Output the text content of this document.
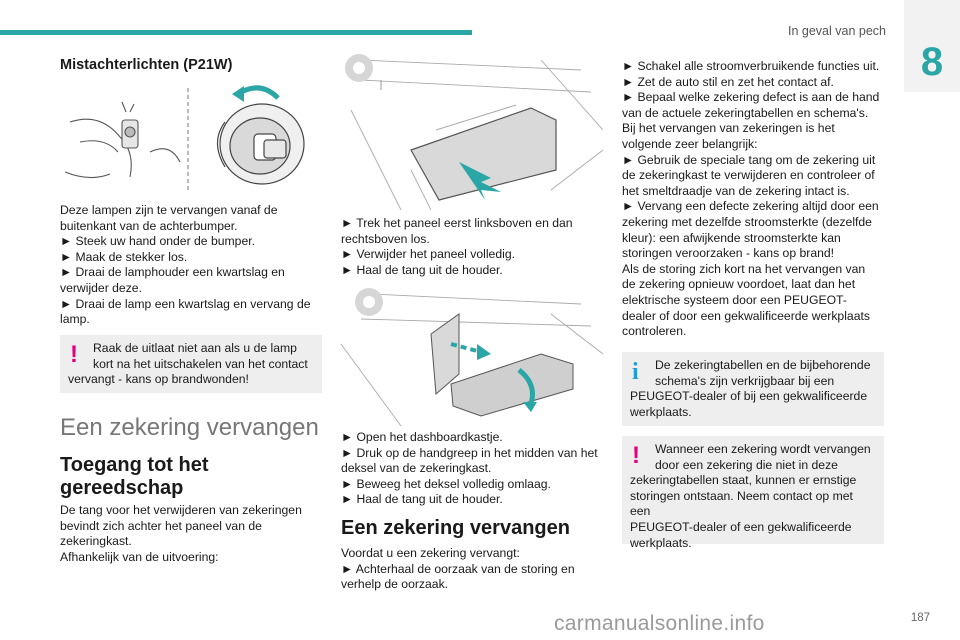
In geval van pech
8
Mistachterlichten (P21W)
Deze lampen zijn te vervangen vanaf de
buitenkant van de achterbumper.
► Steek uw hand onder de bumper.
► Maak de stekker los.
► Draai de lamphouder een kwartslag en
verwijder deze.
► Draai de lamp een kwartslag en vervang de
lamp.
!	Raak de uitlaat niet aan als u de lamp
kort na het uitschakelen van het contact
vervangt - kans op brandwonden!
Een zekering vervangen
Toegang tot het
gereedschap
De tang voor het verwijderen van zekeringen
bevindt zich achter het paneel van de
zekeringkast.
Afhankelijk van de uitvoering:
► Trek het paneel eerst linksboven en dan
rechtsboven los.
► Verwijder het paneel volledig.
► Haal de tang uit de houder.
► Open het dashboardkastje.
► Druk op de handgreep in het midden van het
deksel van de zekeringkast.
► Beweeg het deksel volledig omlaag.
► Haal de tang uit de houder.
Een zekering vervangen
Voordat u een zekering vervangt:
► Achterhaal de oorzaak van de storing en
verhelp de oorzaak.
► Schakel alle stroomverbruikende functies uit.
► Zet de auto stil en zet het contact af.
► Bepaal welke zekering defect is aan de hand
van de actuele zekeringtabellen en schema's.
Bij het vervangen van zekeringen is het
volgende zeer belangrijk:
► Gebruik de speciale tang om de zekering uit
de zekeringkast te verwijderen en controleer of
het smeltdraadje van de zekering intact is.
► Vervang een defecte zekering altijd door een
zekering met dezelfde stroomsterkte (dezelfde
kleur): een afwijkende stroomsterkte kan
storingen veroorzaken - kans op brand!
Als de storing zich kort na het vervangen van
de zekering opnieuw voordoet, laat dan het
elektrische systeem door een PEUGEOT-
dealer of door een gekwalificeerde werkplaats
controleren.
i	De zekeringtabellen en de bijbehorende
schema's zijn verkrijgbaar bij een
PEUGEOT-dealer of bij een gekwalificeerde
werkplaats.
!	Wanneer een zekering wordt vervangen
door een zekering die niet in deze
zekeringtabellen staat, kunnen er ernstige
storingen ontstaan. Neem contact op met een
PEUGEOT-dealer of een gekwalificeerde
werkplaats.
carmanualsonline.info	187
